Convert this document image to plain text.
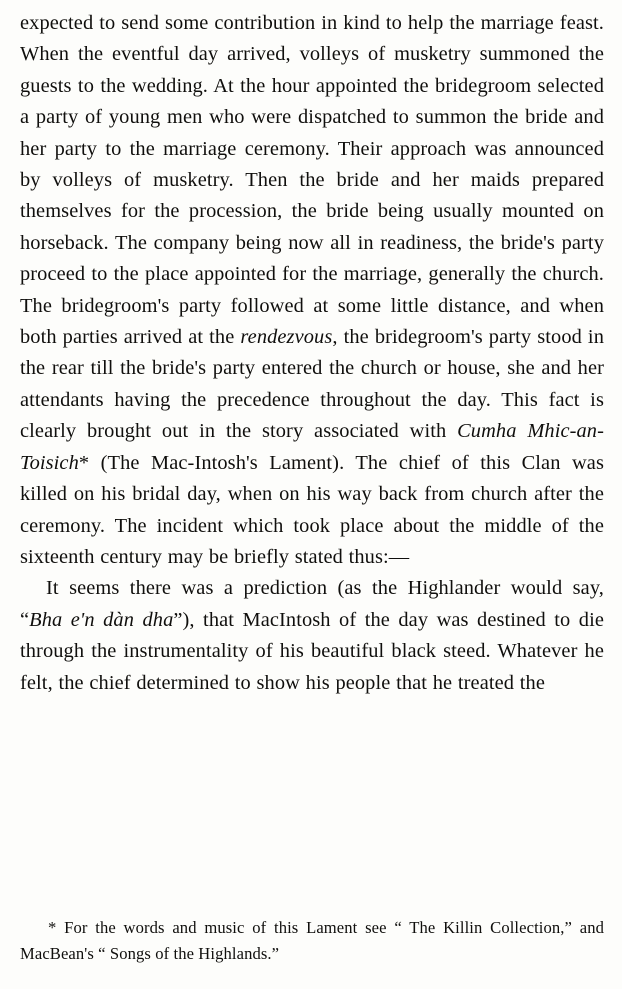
expected to send some contribution in kind to help the marriage feast. When the eventful day arrived, volleys of musketry summoned the guests to the wedding. At the hour appointed the bridegroom selected a party of young men who were dispatched to summon the bride and her party to the marriage ceremony. Their approach was announced by volleys of musketry. Then the bride and her maids prepared themselves for the procession, the bride being usually mounted on horseback. The company being now all in readiness, the bride's party proceed to the place appointed for the marriage, generally the church. The bridegroom's party followed at some little distance, and when both parties arrived at the rendezvous, the bridegroom's party stood in the rear till the bride's party entered the church or house, she and her attendants having the precedence throughout the day. This fact is clearly brought out in the story associated with Cumha Mhic-an-Toisich* (The Mac-Intosh's Lament). The chief of this Clan was killed on his bridal day, when on his way back from church after the ceremony. The incident which took place about the middle of the sixteenth century may be briefly stated thus:—

It seems there was a prediction (as the Highlander would say, “Bha e'n dàn dha”), that MacIntosh of the day was destined to die through the instrumentality of his beautiful black steed. Whatever he felt, the chief determined to show his people that he treated the

* For the words and music of this Lament see “ The Killin Collection,” and MacBean's “ Songs of the Highlands.”
